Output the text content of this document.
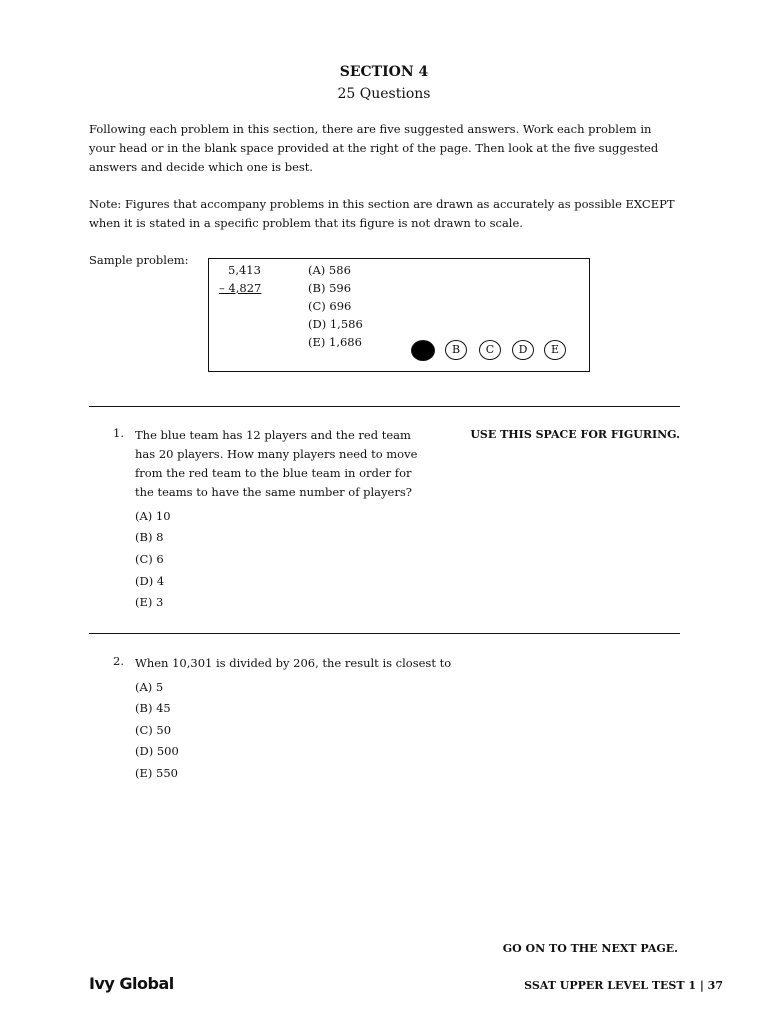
SECTION 4
25 Questions
Following each problem in this section, there are five suggested answers. Work each problem in your head or in the blank space provided at the right of the page. Then look at the five suggested answers and decide which one is best.
Note: Figures that accompany problems in this section are drawn as accurately as possible EXCEPT when it is stated in a specific problem that its figure is not drawn to scale.
Sample problem:
5,413
– 4,827
(A) 586
(B) 596
(C) 696
(D) 1,586
(E) 1,686
B	C	D	E
USE THIS SPACE FOR FIGURING.
1. The blue team has 12 players and the red team has 20 players. How many players need to move from the red team to the blue team in order for the teams to have the same number of players?
(A) 10
(B) 8
(C) 6
(D) 4
(E) 3
2. When 10,301 is divided by 206, the result is closest to
(A) 5
(B) 45
(C) 50
(D) 500
(E) 550
GO ON TO THE NEXT PAGE.
Ivy Global	SSAT UPPER LEVEL TEST 1 | 37
